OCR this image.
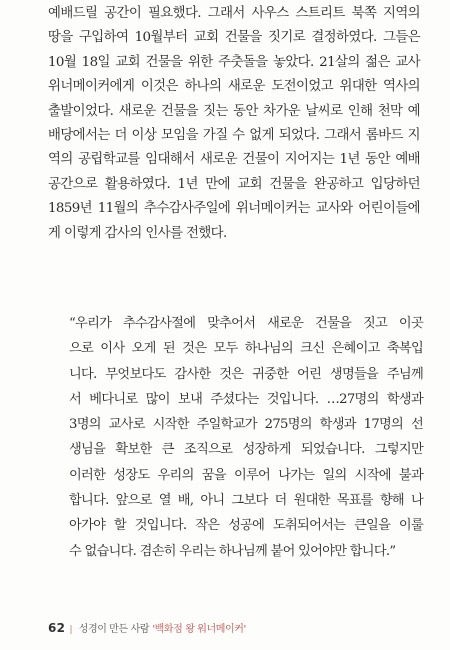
예배드릴 공간이 필요했다. 그래서 사우스 스트리트 북쪽 지역의
땅을 구입하여 10월부터 교회 건물을 짓기로 결정하였다. 그들은
10월 18일 교회 건물을 위한 주춧돌을 놓았다. 21살의 젊은 교사
위너메이커에게 이것은 하나의 새로운 도전이었고 위대한 역사의
출발이었다. 새로운 건물을 짓는 동안 차가운 날씨로 인해 천막 예
배당에서는 더 이상 모임을 가질 수 없게 되었다. 그래서 롬바드 지
역의 공립학교를 임대해서 새로운 건물이 지어지는 1년 동안 예배
공간으로 활용하였다. 1년 만에 교회 건물을 완공하고 입당하던
1859년 11월의 추수감사주일에 위너메이커는 교사와 어린이들에
게 이렇게 감사의 인사를 전했다.
“우리가 추수감사절에 맞추어서 새로운 건물을 짓고 이곳
으로 이사 오게 된 것은 모두 하나님의 크신 은혜이고 축복입
니다. 무엇보다도 감사한 것은 귀중한 어린 생명들을 주님께
서 베다니로 많이 보내 주셨다는 것입니다. …27명의 학생과
3명의 교사로 시작한 주일학교가 275명의 학생과 17명의 선
생님을 확보한 큰 조직으로 성장하게 되었습니다. 그렇지만
이러한 성장도 우리의 꿈을 이루어 나가는 일의 시작에 불과
합니다. 앞으로 열 배, 아니 그보다 더 원대한 목표를 향해 나
아가야 할 것입니다. 작은 성공에 도취되어서는 큰일을 이룰
수 없습니다. 겸손히 우리는 하나님께 붙어 있어야만 합니다.”
62 | 성경이 만든 사람 '백화점 왕 워너메이커'
